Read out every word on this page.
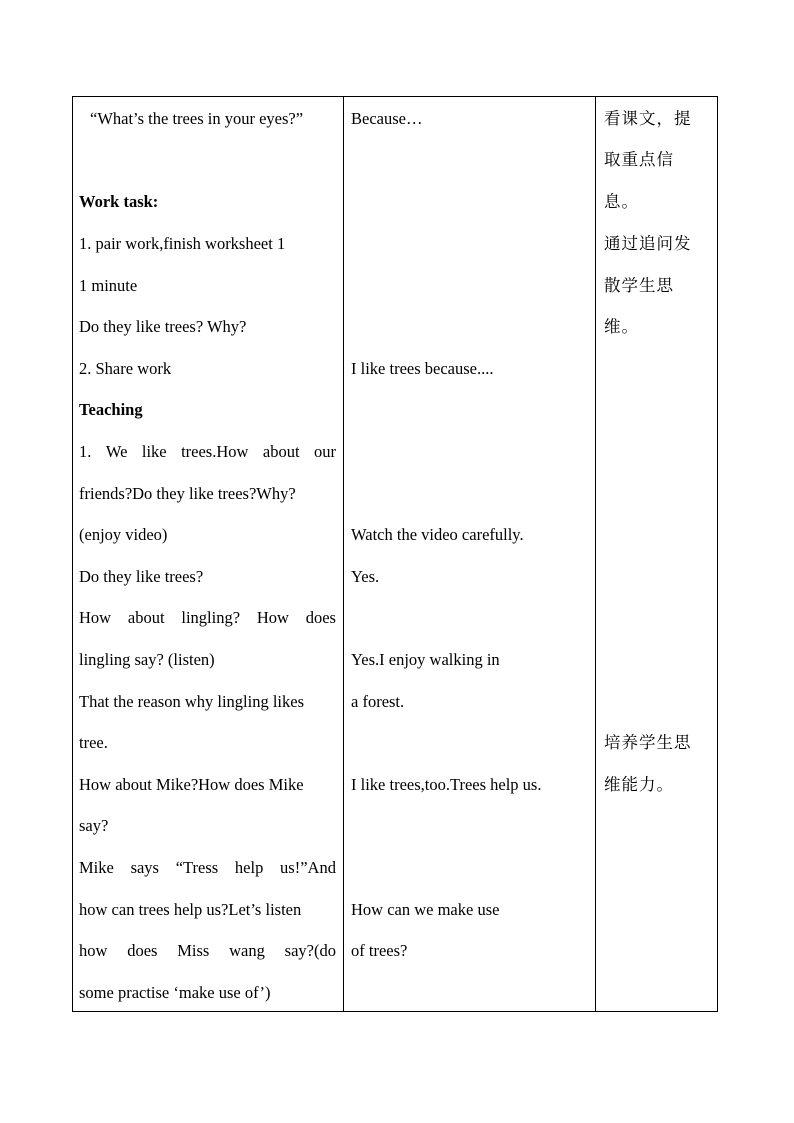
“What’s the trees in your eyes?”
Work task:
1. pair work,finish worksheet 1
1 minute
Do they like trees? Why?
2. Share work
Teaching
1. We like trees.How about our
friends?Do they like trees?Why?
(enjoy video)
Do they like trees?
How about lingling? How does
lingling say? (listen)
That the reason why lingling likes
tree.
How about Mike?How does Mike
say?
Mike says “Tress help us!”And
how can trees help us?Let’s listen
how does Miss wang say?(do
some practise ‘make use of’)
Because…
I like trees because....
Watch the video carefully.
Yes.
Yes.I enjoy walking in
a forest.
I like trees,too.Trees help us.
How can we make use
of trees?
看课文，提
取重点信
息。
通过追问发
散学生思
维。
培养学生思
维能力。
